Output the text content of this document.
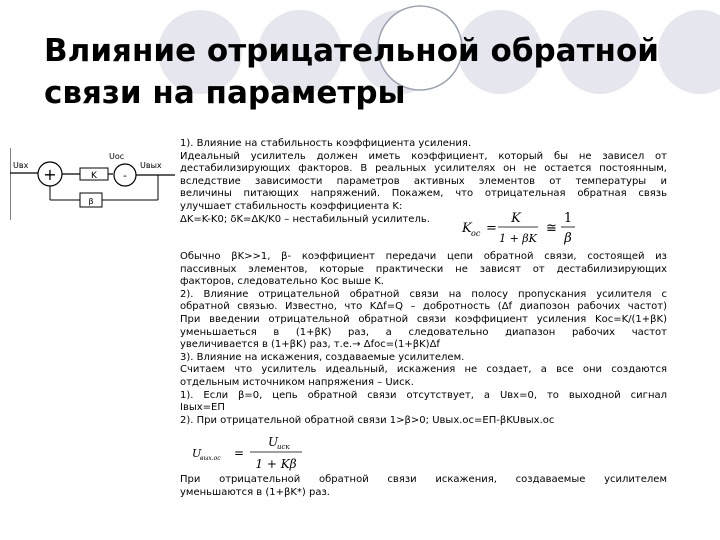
Влияние отрицательной обратной
связи на параметры
+
Uвх
K -
Uос
Uвых
β
1). Влияние на стабильность коэффициента усиления.
Идеальный усилитель должен иметь коэффициент, который бы не зависел от
дестабилизирующих факторов. В реальных усилителях он не остается постоянным,
вследствие зависимости параметров активных элементов от температуры и
величины питающих напряжений. Покажем, что отрицательная обратная связь
улучшает стабильность коэффициента K:
ΔK=K-K0; δK=ΔK/K0 – нестабильный усилитель.
K ос =
K
1 + βK
≅
1
β
Обычно βK>>1, β- коэффициент передачи цепи обратной связи, состоящей из
пассивных элементов, которые практически не зависят от дестабилизирующих
факторов, следовательно Kос выше K.
2). Влияние отрицательной обратной связи на полосу пропускания усилителя с
обратной связью. Известно, что KΔf=Q – добротность (Δf диапозон рабочих частот)
При введении отрицательной обратной связи коэффициент усиления Kос=K/(1+βK)
уменьшаеться в (1+βK) раз, а следовательно диапазон рабочих частот
увеличивается в (1+βK) раз, т.е.→ Δfос=(1+βK)Δf
3). Влияние на искажения, создаваемые усилителем.
Считаем что усилитель идеальный, искажения не создает, а все они создаются
отдельным источником напряжения – Uиск.
1). Если β=0, цепь обратной связи отсутствует, а Uвх=0, то выходной сигнал
Iвых=ЕП
2). При отрицательной обратной связи 1>β>0; Uвых.ос=ЕП-βKUвых.ос
U
вых.ос =
U
иск
1 + Kβ
При отрицательной обратной связи искажения, создаваемые усилителем
уменьшаются в (1+βK*) раз.
